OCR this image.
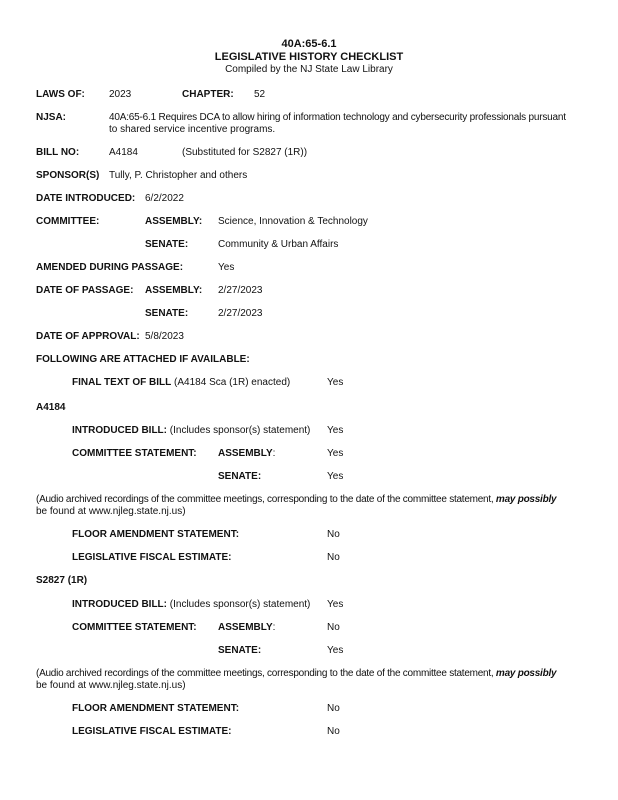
40A:65-6.1
LEGISLATIVE HISTORY CHECKLIST
Compiled by the NJ State Law Library
LAWS OF: 2023	CHAPTER: 52
NJSA:	40A:65-6.1 Requires DCA to allow hiring of information technology and cybersecurity professionals pursuant
to shared service incentive programs.
BILL NO:	A4184	(Substituted for S2827 (1R))
SPONSOR(S) Tully, P. Christopher and others
DATE INTRODUCED: 6/2/2022
COMMITTEE:	ASSEMBLY: Science, Innovation & Technology
SENATE:	Community & Urban Affairs
AMENDED DURING PASSAGE:	Yes
DATE OF PASSAGE: ASSEMBLY: 2/27/2023
SENATE:	2/27/2023
DATE OF APPROVAL: 5/8/2023
FOLLOWING ARE ATTACHED IF AVAILABLE:
FINAL TEXT OF BILL (A4184 Sca (1R) enacted)	Yes
A4184
INTRODUCED BILL: (Includes sponsor(s) statement) Yes
COMMITTEE STATEMENT: ASSEMBLY:	Yes
SENATE:	Yes
(Audio archived recordings of the committee meetings, corresponding to the date of the committee statement, may possibly
be found at www.njleg.state.nj.us)
FLOOR AMENDMENT STATEMENT:	No
LEGISLATIVE FISCAL ESTIMATE:	No
S2827 (1R)
INTRODUCED BILL: (Includes sponsor(s) statement) Yes
COMMITTEE STATEMENT: ASSEMBLY:	No
SENATE:	Yes
(Audio archived recordings of the committee meetings, corresponding to the date of the committee statement, may possibly
be found at www.njleg.state.nj.us)
FLOOR AMENDMENT STATEMENT:	No
LEGISLATIVE FISCAL ESTIMATE:	No
